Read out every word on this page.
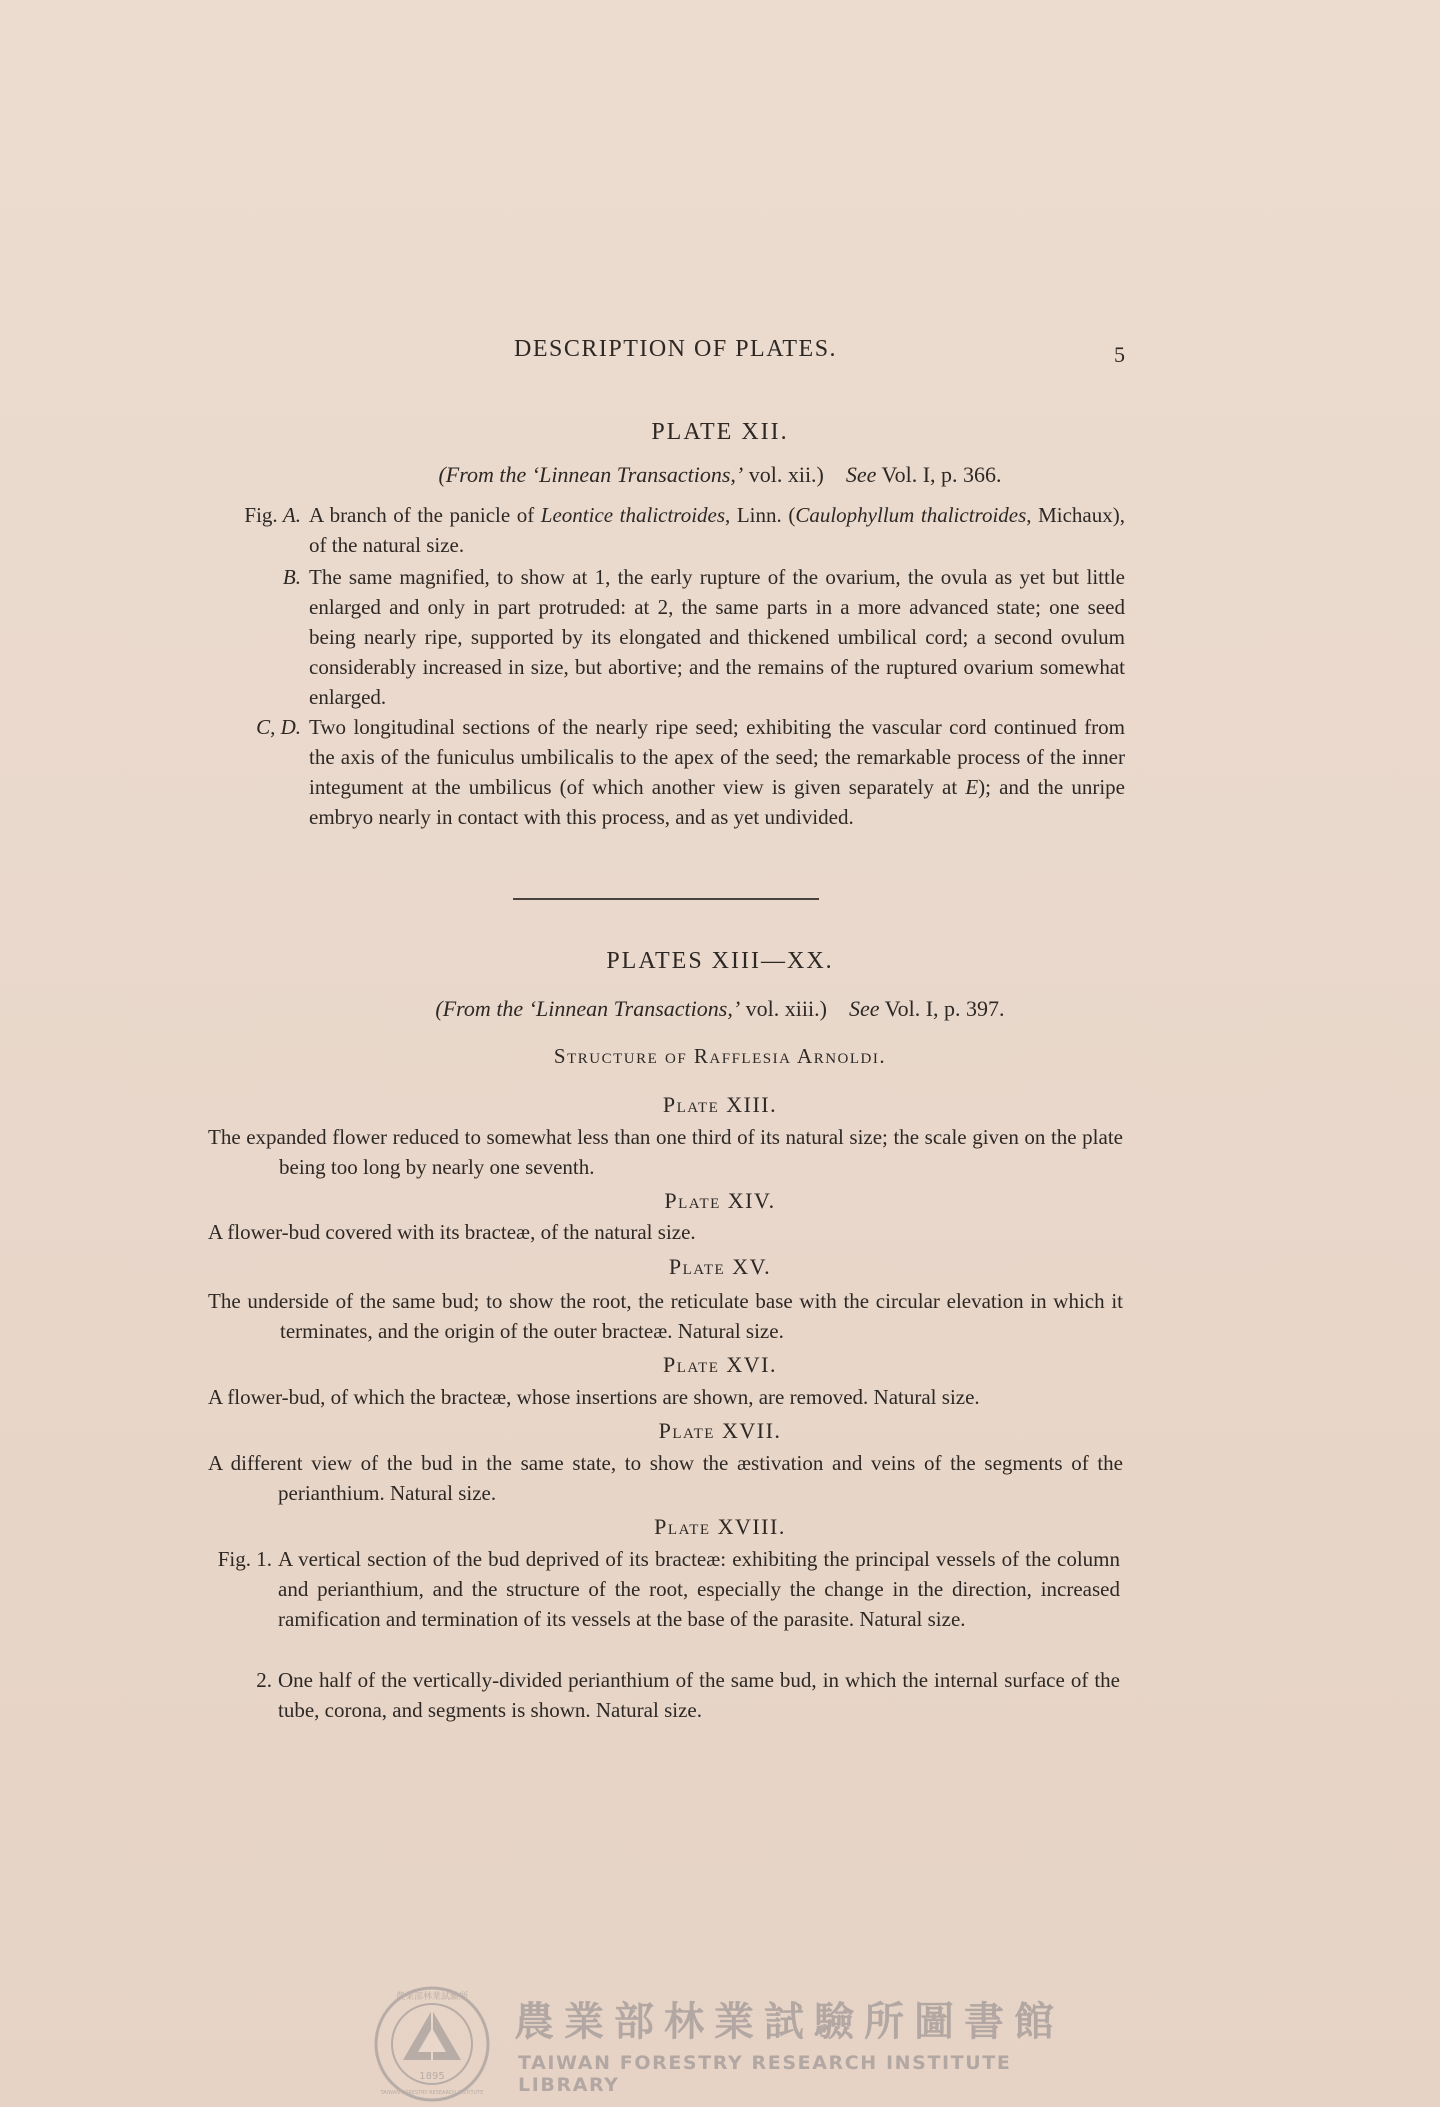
DESCRIPTION OF PLATES.	5
PLATE XII.
(From the ‘Linnean Transactions,’ vol. xii.) See Vol. I, p. 366.
Fig. A. A branch of the panicle of Leontice thalictroides, Linn. (Caulophyllum thalictroides, Michaux), of the natural size.
B. The same magnified, to show at 1, the early rupture of the ovarium, the ovula as yet but little enlarged and only in part protruded: at 2, the same parts in a more advanced state; one seed being nearly ripe, supported by its elongated and thickened umbilical cord; a second ovulum considerably increased in size, but abortive; and the remains of the ruptured ovarium somewhat enlarged.
C, D. Two longitudinal sections of the nearly ripe seed; exhibiting the vascular cord continued from the axis of the funiculus umbilicalis to the apex of the seed; the remarkable process of the inner integument at the umbilicus (of which another view is given separately at E); and the unripe embryo nearly in contact with this process, and as yet undivided.
PLATES XIII—XX.
(From the ‘Linnean Transactions,’ vol. xiii.) See Vol. I, p. 397.
Structure of Rafflesia Arnoldi.
Plate XIII.
The expanded flower reduced to somewhat less than one third of its natural size; the scale given on the plate being too long by nearly one seventh.
Plate XIV.
A flower-bud covered with its bracteæ, of the natural size.
Plate XV.
The underside of the same bud; to show the root, the reticulate base with the circular elevation in which it terminates, and the origin of the outer bracteæ. Natural size.
Plate XVI.
A flower-bud, of which the bracteæ, whose insertions are shown, are removed. Natural size.
Plate XVII.
A different view of the bud in the same state, to show the æstivation and veins of the segments of the perianthium. Natural size.
Plate XVIII.
Fig. 1. A vertical section of the bud deprived of its bracteæ: exhibiting the principal vessels of the column and perianthium, and the structure of the root, especially the change in the direction, increased ramification and termination of its vessels at the base of the parasite. Natural size.
2. One half of the vertically-divided perianthium of the same bud, in which the internal surface of the tube, corona, and segments is shown. Natural size.
農業部林業試驗所
1895
TAIWAN FORESTRY RESEARCH INSTITUTE
農業部林業試驗所圖書館
TAIWAN FORESTRY RESEARCH INSTITUTE LIBRARY
